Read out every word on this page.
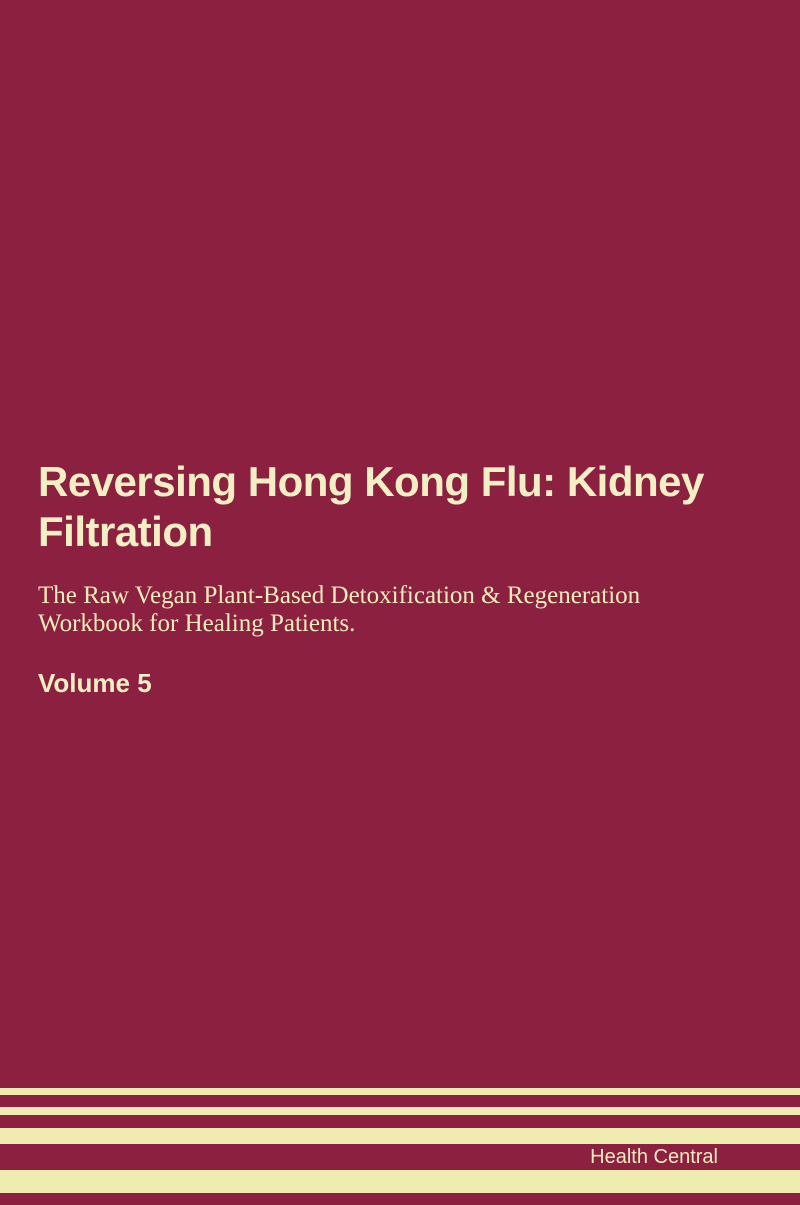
Reversing Hong Kong Flu: Kidney
Filtration

The Raw Vegan Plant-Based Detoxification & Regeneration
Workbook for Healing Patients.

Volume 5

Health Central
